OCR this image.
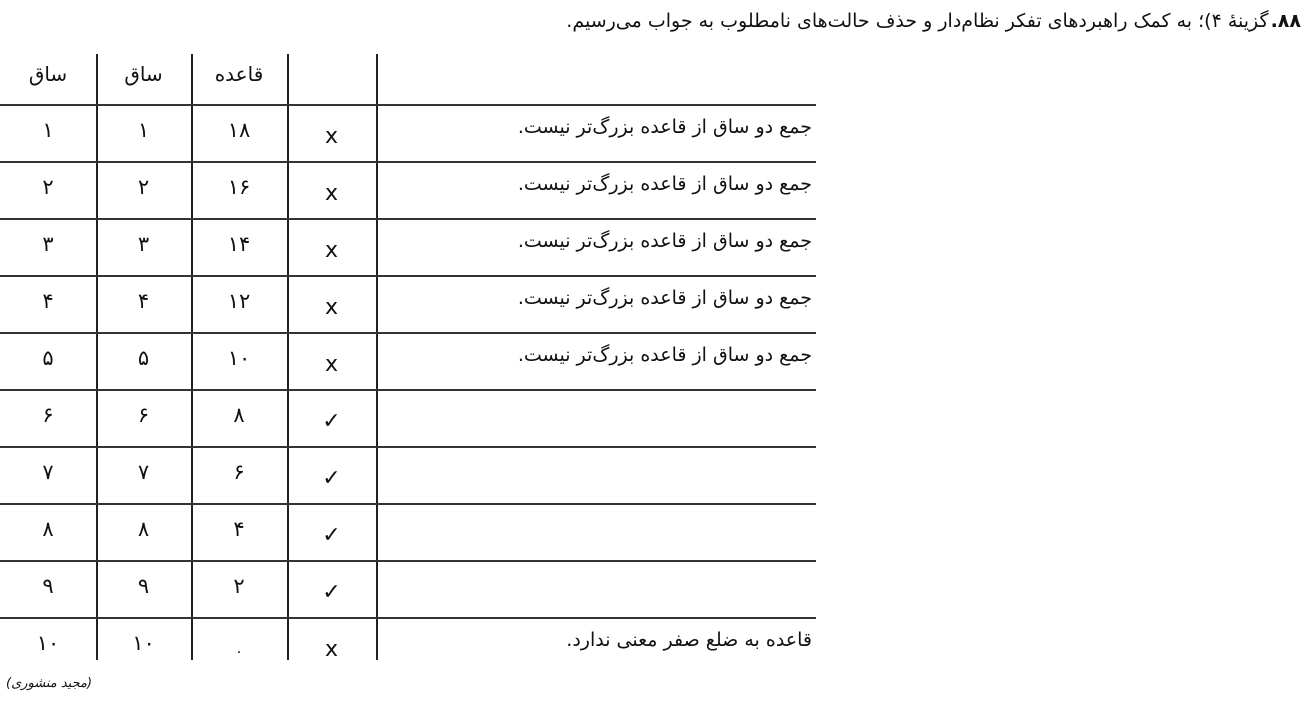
۸۸.گزینهٔ ۴)؛ به کمک راهبردهای تفکر نظام‌دار و حذف حالت‌های نامطلوب به جواب می‌رسیم.
ساق	ساق	قاعده
۱	۱	۱۸	x	جمع دو ساق از قاعده بزرگ‌تر نیست.
۲	۲	۱۶	x	جمع دو ساق از قاعده بزرگ‌تر نیست.
۳	۳	۱۴	x	جمع دو ساق از قاعده بزرگ‌تر نیست.
۴	۴	۱۲	x	جمع دو ساق از قاعده بزرگ‌تر نیست.
۵	۵	۱۰	x	جمع دو ساق از قاعده بزرگ‌تر نیست.
۶	۶	۸	✓
۷	۷	۶	✓
۸	۸	۴	✓
۹	۹	۲	✓
۱۰	۱۰	۰	x	قاعده به ضلع صفر معنی ندارد.
(مجید منشوری)
